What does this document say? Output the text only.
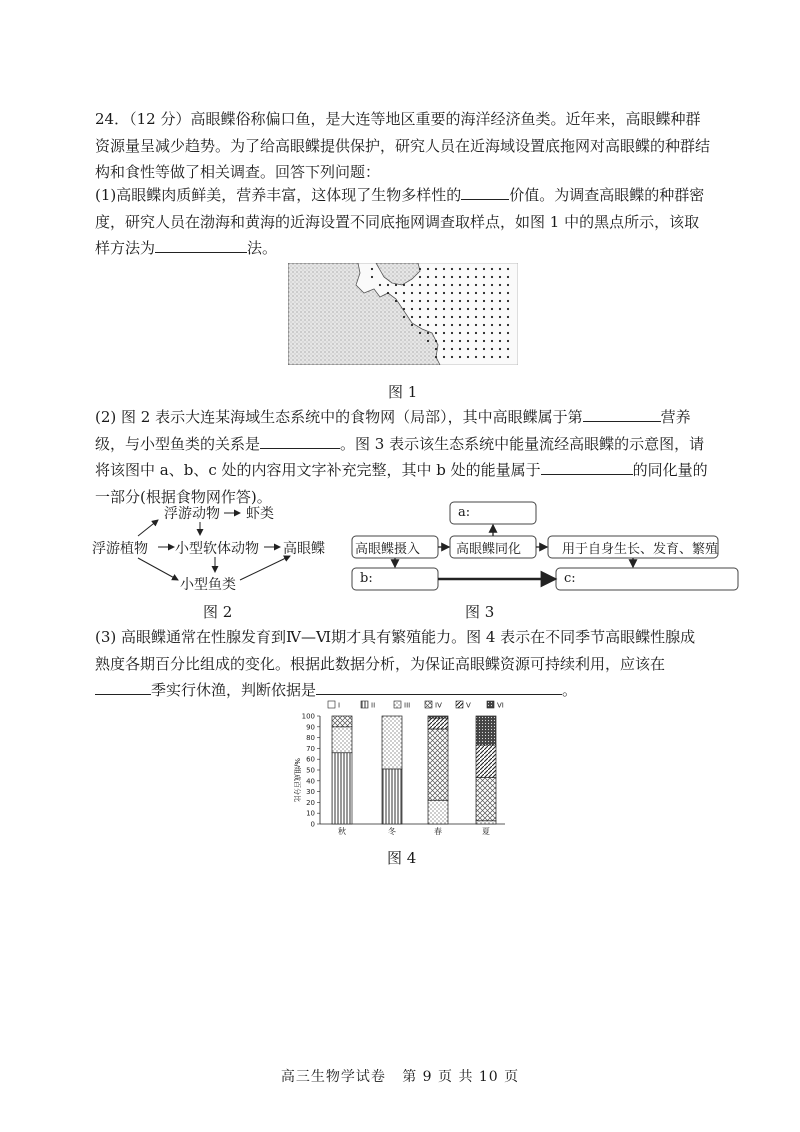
24．（12 分）高眼鲽俗称偏口鱼，是大连等地区重要的海洋经济鱼类。近年来，高眼鲽种群资源量呈减少趋势。为了给高眼鲽提供保护，研究人员在近海域设置底拖网对高眼鲽的种群结构和食性等做了相关调查。回答下列问题：
(1)高眼鲽肉质鲜美，营养丰富，这体现了生物多样性的	价值。为调查高眼鲽的种群密度，研究人员在渤海和黄海的近海设置不同底拖网调查取样点，如图 1 中的黑点所示，该取样方法为	法。
图 1
(2) 图 2 表示大连某海域生态系统中的食物网（局部），其中高眼鲽属于第	营养级，与小型鱼类的关系是	。图 3 表示该生态系统中能量流经高眼鲽的示意图，请将该图中 a、b、c 处的内容用文字补充完整，其中 b 处的能量属于	的同化量的一部分(根据食物网作答)。
浮游动物 虾类
浮游植物 小型软体动物 高眼鲽
小型鱼类
图 2
a:
高眼鲽摄入	高眼鲽同化	用于自身生长、发育、繁殖
b:	c:
图 3
(3) 高眼鲽通常在性腺发育到Ⅳ—Ⅵ期才具有繁殖能力。图 4 表示在不同季节高眼鲽性腺成熟度各期百分比组成的变化。根据此数据分析，为保证高眼鲽资源可持续利用，应该在季实行休渔，判断依据是	。
I	II	III	IV	V	VI
0
10
20
30
40
50
60
70
80
90
100
秋	冬	春	夏
%/组成百分比
图 4
高三生物学试卷 第 9 页 共 10 页
